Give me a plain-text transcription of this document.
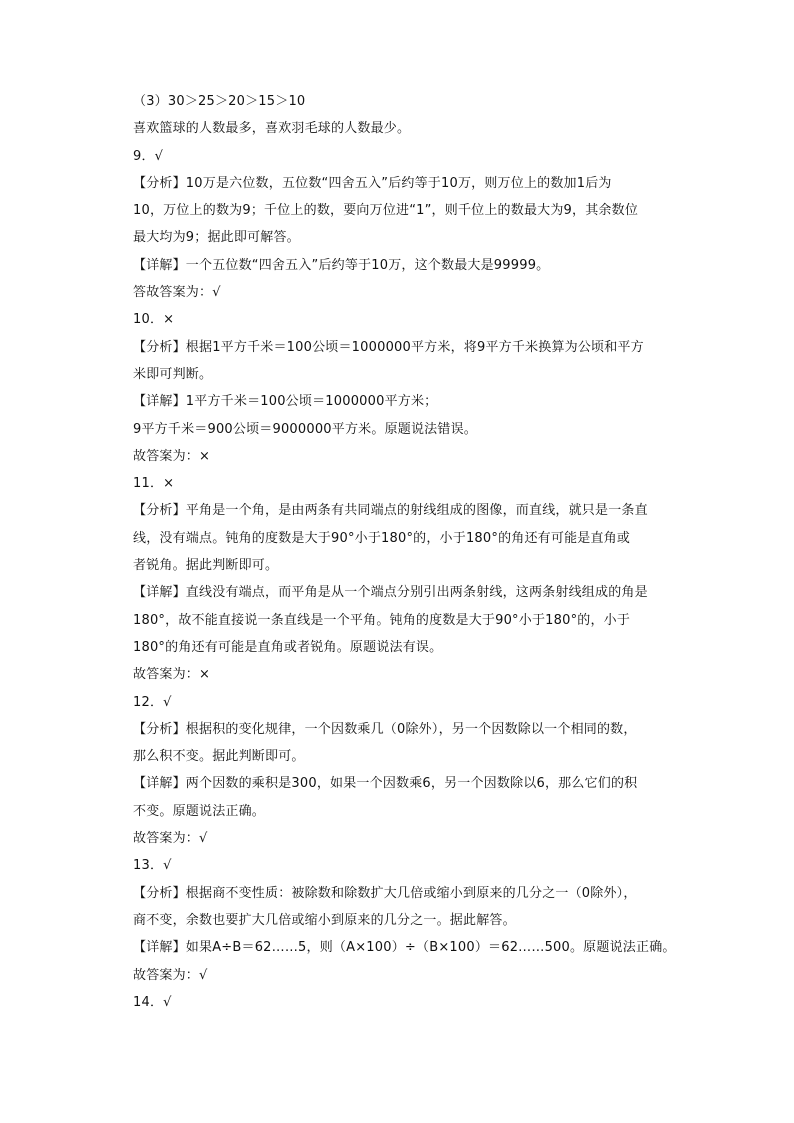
（3）30＞25＞20＞15＞10
喜欢篮球的人数最多，喜欢羽毛球的人数最少。
9．√
【分析】10万是六位数，五位数“四舍五入”后约等于10万，则万位上的数加1后为
10，万位上的数为9；千位上的数，要向万位进“1”，则千位上的数最大为9，其余数位
最大均为9；据此即可解答。
【详解】一个五位数“四舍五入”后约等于10万，这个数最大是99999。
答故答案为：√
10．×
【分析】根据1平方千米＝100公顷＝1000000平方米，将9平方千米换算为公顷和平方
米即可判断。
【详解】1平方千米＝100公顷＝1000000平方米；
9平方千米＝900公顷＝9000000平方米。原题说法错误。
故答案为：×
11．×
【分析】平角是一个角，是由两条有共同端点的射线组成的图像，而直线，就只是一条直
线，没有端点。钝角的度数是大于90°小于180°的，小于180°的角还有可能是直角或
者锐角。据此判断即可。
【详解】直线没有端点，而平角是从一个端点分别引出两条射线，这两条射线组成的角是
180°，故不能直接说一条直线是一个平角。钝角的度数是大于90°小于180°的，小于
180°的角还有可能是直角或者锐角。原题说法有误。
故答案为：×
12．√
【分析】根据积的变化规律，一个因数乘几（0除外），另一个因数除以一个相同的数，
那么积不变。据此判断即可。
【详解】两个因数的乘积是300，如果一个因数乘6，另一个因数除以6，那么它们的积
不变。原题说法正确。
故答案为：√
13．√
【分析】根据商不变性质：被除数和除数扩大几倍或缩小到原来的几分之一（0除外），
商不变，余数也要扩大几倍或缩小到原来的几分之一。据此解答。
【详解】如果A÷B＝62……5，则（A×100）÷（B×100）＝62……500。原题说法正确。
故答案为：√
14．√
